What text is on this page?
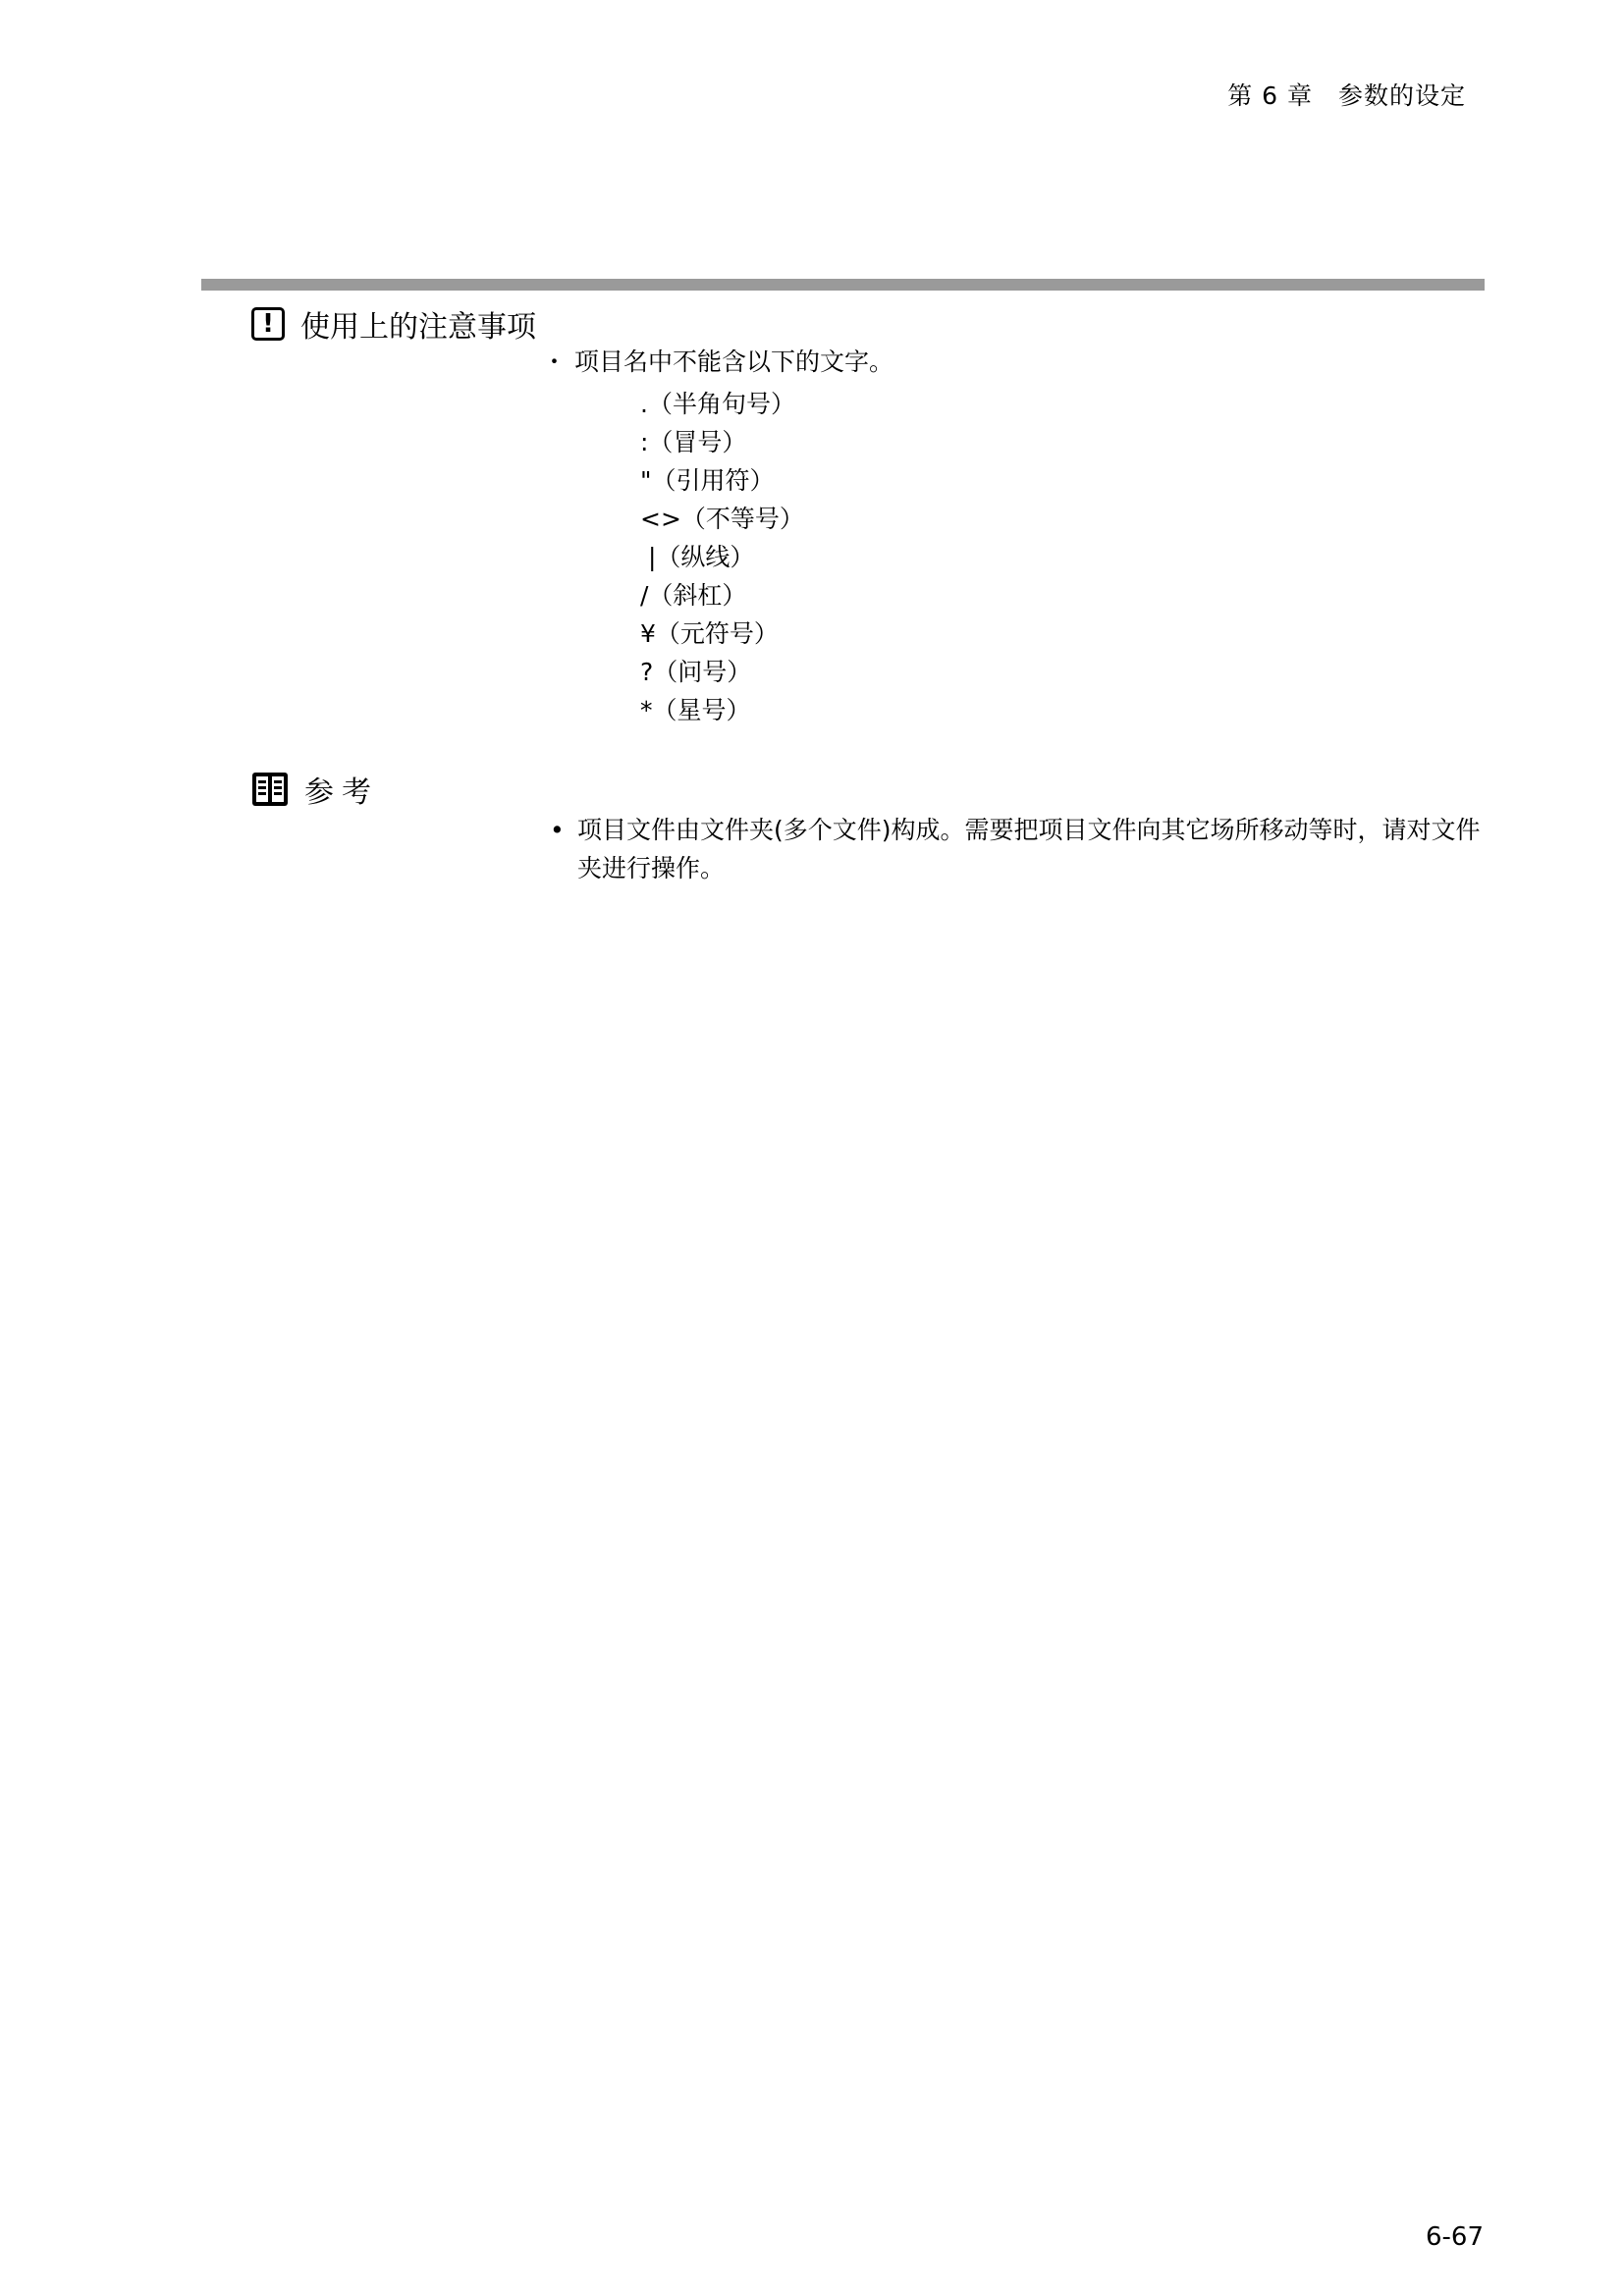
第 6 章　参数的设定
! 使用上的注意事项
・ 项目名中不能含以下的文字。
.（半角句号）
:（冒号）
"（引用符）
<>（不等号）
|（纵线）
/（斜杠）
¥（元符号）
?（问号）
*（星号）
参考
• 项目文件由文件夹(多个文件)构成。需要把项目文件向其它场所移动等时，请对文件夹进行操作。
6-67
